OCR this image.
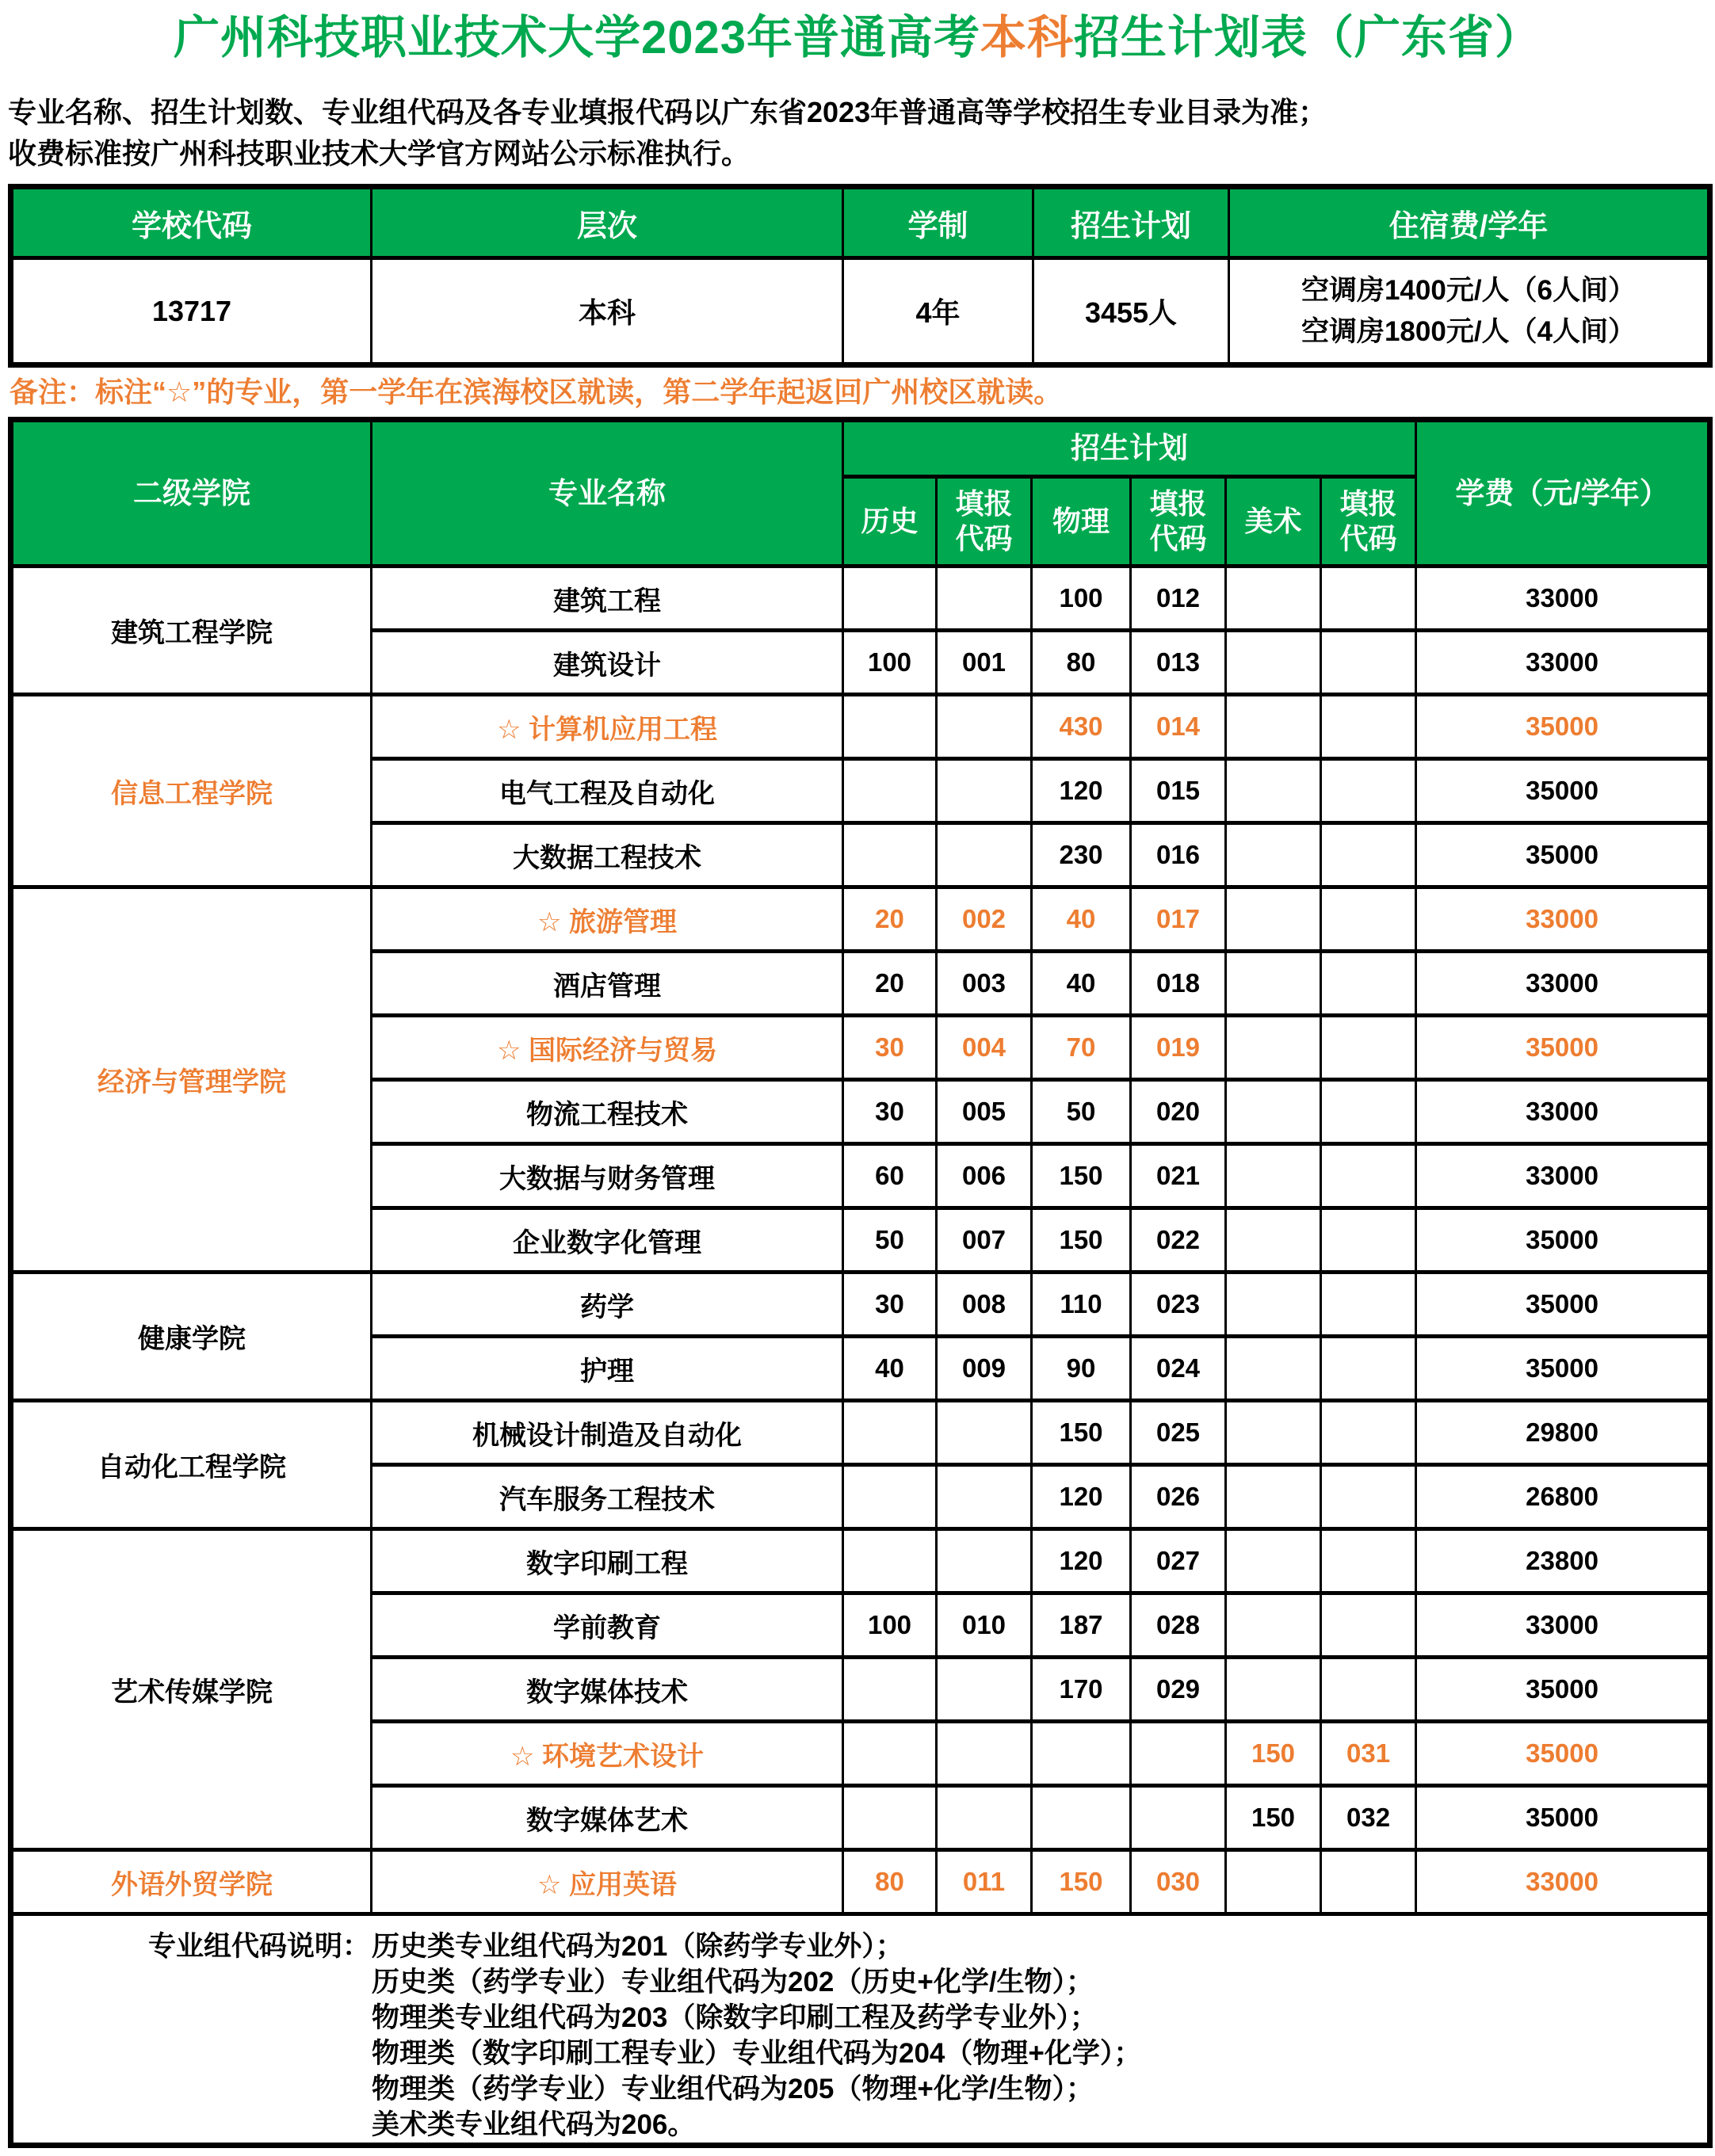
广州科技职业技术大学2023年普通高考本科招生计划表（广东省）
专业名称、招生计划数、专业组代码及各专业填报代码以广东省2023年普通高等学校招生专业目录为准；
收费标准按广州科技职业技术大学官方网站公示标准执行。
学校代码	层次	学制	招生计划	住宿费/学年
13717	本科	4年	3455人	空调房1400元/人（6人间）
空调房1800元/人（4人间）
备注：标注“☆”的专业，第一学年在滨海校区就读，第二学年起返回广州校区就读。
二级学院	专业名称	招生计划						学费（元/学年）
		历史	填报代码	物理	填报代码	美术	填报代码	
建筑工程学院	建筑工程			100	012			33000
	建筑设计	100	001	80	013			33000
信息工程学院	☆ 计算机应用工程			430	014			35000
	电气工程及自动化			120	015			35000
	大数据工程技术			230	016			35000
经济与管理学院	☆ 旅游管理	20	002	40	017			33000
	酒店管理	20	003	40	018			33000
	☆ 国际经济与贸易	30	004	70	019			35000
	物流工程技术	30	005	50	020			33000
	大数据与财务管理	60	006	150	021			33000
	企业数字化管理	50	007	150	022			35000
健康学院	药学	30	008	110	023			35000
	护理	40	009	90	024			35000
自动化工程学院	机械设计制造及自动化			150	025			29800
	汽车服务工程技术			120	026			26800
艺术传媒学院	数字印刷工程			120	027			23800
	学前教育	100	010	187	028			33000
	数字媒体技术			170	029			35000
	☆ 环境艺术设计					150	031	35000
	数字媒体艺术					150	032	35000
外语外贸学院	☆ 应用英语	80	011	150	030			33000

专业组代码说明： 历史类专业组代码为201（除药学专业外）；
历史类（药学专业）专业组代码为202（历史+化学/生物）；
物理类专业组代码为203（除数字印刷工程及药学专业外）；
物理类（数字印刷工程专业）专业组代码为204（物理+化学）；
物理类（药学专业）专业组代码为205（物理+化学/生物）；
美术类专业组代码为206。
